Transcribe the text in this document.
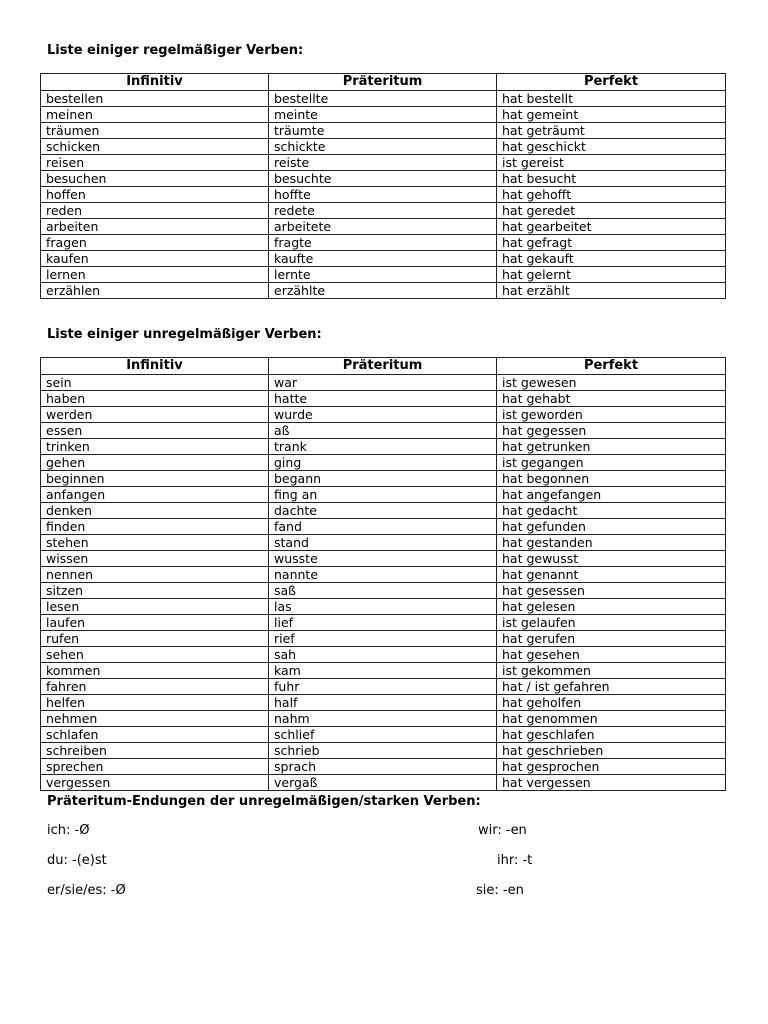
Liste einiger regelmäßiger Verben:
Infinitiv	Präteritum	Perfekt
bestellen	bestellte	hat bestellt
meinen	meinte	hat gemeint
träumen	träumte	hat geträumt
schicken	schickte	hat geschickt
reisen	reiste	ist gereist
besuchen	besuchte	hat besucht
hoffen	hoffte	hat gehofft
reden	redete	hat geredet
arbeiten	arbeitete	hat gearbeitet
fragen	fragte	hat gefragt
kaufen	kaufte	hat gekauft
lernen	lernte	hat gelernt
erzählen	erzählte	hat erzählt
Liste einiger unregelmäßiger Verben:
Infinitiv	Präteritum	Perfekt
sein	war	ist gewesen
haben	hatte	hat gehabt
werden	wurde	ist geworden
essen	aß	hat gegessen
trinken	trank	hat getrunken
gehen	ging	ist gegangen
beginnen	begann	hat begonnen
anfangen	fing an	hat angefangen
denken	dachte	hat gedacht
finden	fand	hat gefunden
stehen	stand	hat gestanden
wissen	wusste	hat gewusst
nennen	nannte	hat genannt
sitzen	saß	hat gesessen
lesen	las	hat gelesen
laufen	lief	ist gelaufen
rufen	rief	hat gerufen
sehen	sah	hat gesehen
kommen	kam	ist gekommen
fahren	fuhr	hat / ist gefahren
helfen	half	hat geholfen
nehmen	nahm	hat genommen
schlafen	schlief	hat geschlafen
schreiben	schrieb	hat geschrieben
sprechen	sprach	hat gesprochen
vergessen	vergaß	hat vergessen
Präteritum-Endungen der unregelmäßigen/starken Verben:
ich: -Ø
du: -(e)st
er/sie/es: -Ø
wir: -en
ihr: -t
sie: -en
